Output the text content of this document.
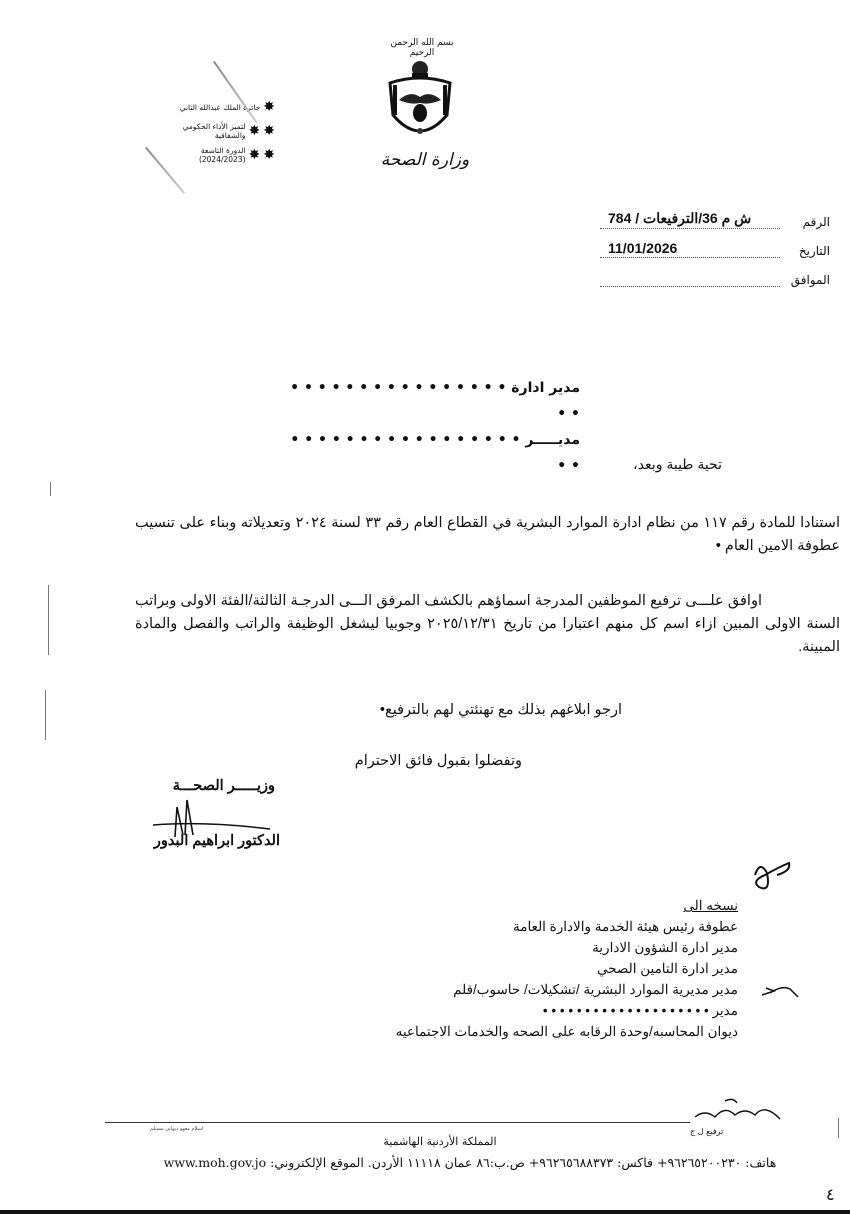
بسم الله الرحمن الرحيم
وزارة الصحة
✸
جائزة الملك عبدالله الثاني
✸
✸
لتميز الأداء الحكومي والشفافية
✸
✸
الدورة التاسعة (2024/2023)
الرقم
ش م 36/الترفيعات / 784
التاريخ
11/01/2026
الموافق
مدير ادارة • • • • • • • • • • • • • • • • • •
مديـــــر • • • • • • • • • • • • • • • • • • •	تحية طيبة وبعد،
استنادا للمادة رقم ١١٧ من نظام ادارة الموارد البشرية في القطاع العام رقم ٣٣ لسنة ٢٠٢٤ وتعديلاته وبناء على تنسيب عطوفة الامين العام •
اوافق علـــى ترفيع الموظفين المدرجة اسماؤهم بالكشف المرفق الـــى الدرجـة الثالثة/الفئة الاولى وبراتب السنة الاولى المبين ازاء اسم كل منهم اعتبارا من تاريخ ٢٠٢٥/١٢/٣١ وجوبيا ليشغل الوظيفة والراتب والفصل والمادة المبينة.
ارجو ابلاغهم بذلك مع تهنئتي لهم بالترفيع•
وتفضلوا بقبول فائق الاحترام
وزيـــــر الصحـــة
الدكتور ابراهيم البدور
نسخه الى
عطوفة رئيس هيئة الخدمة والادارة العامة
مدير ادارة الشؤون الادارية
مدير ادارة التامين الصحي
مدير مديرية الموارد البشرية /تشكيلات/ حاسوب/قلم
مدير • • • • • • • • • • • • • • • • • • • •
ديوان المحاسبه/وحدة الرقابه على الصحه والخدمات الاجتماعيه
ترفيع ل ج
اسلام معهو ديواني مستلم
المملكة الأردنية الهاشمية
هاتف: ٩٦٢٦٥٢٠٠٢٣٠+ فاكس: ٩٦٢٦٥٦٨٨٣٧٣+ ص.ب:٨٦ عمان ١١١١٨ الأردن. الموقع الإلكتروني: www.moh.gov.jo
٤
